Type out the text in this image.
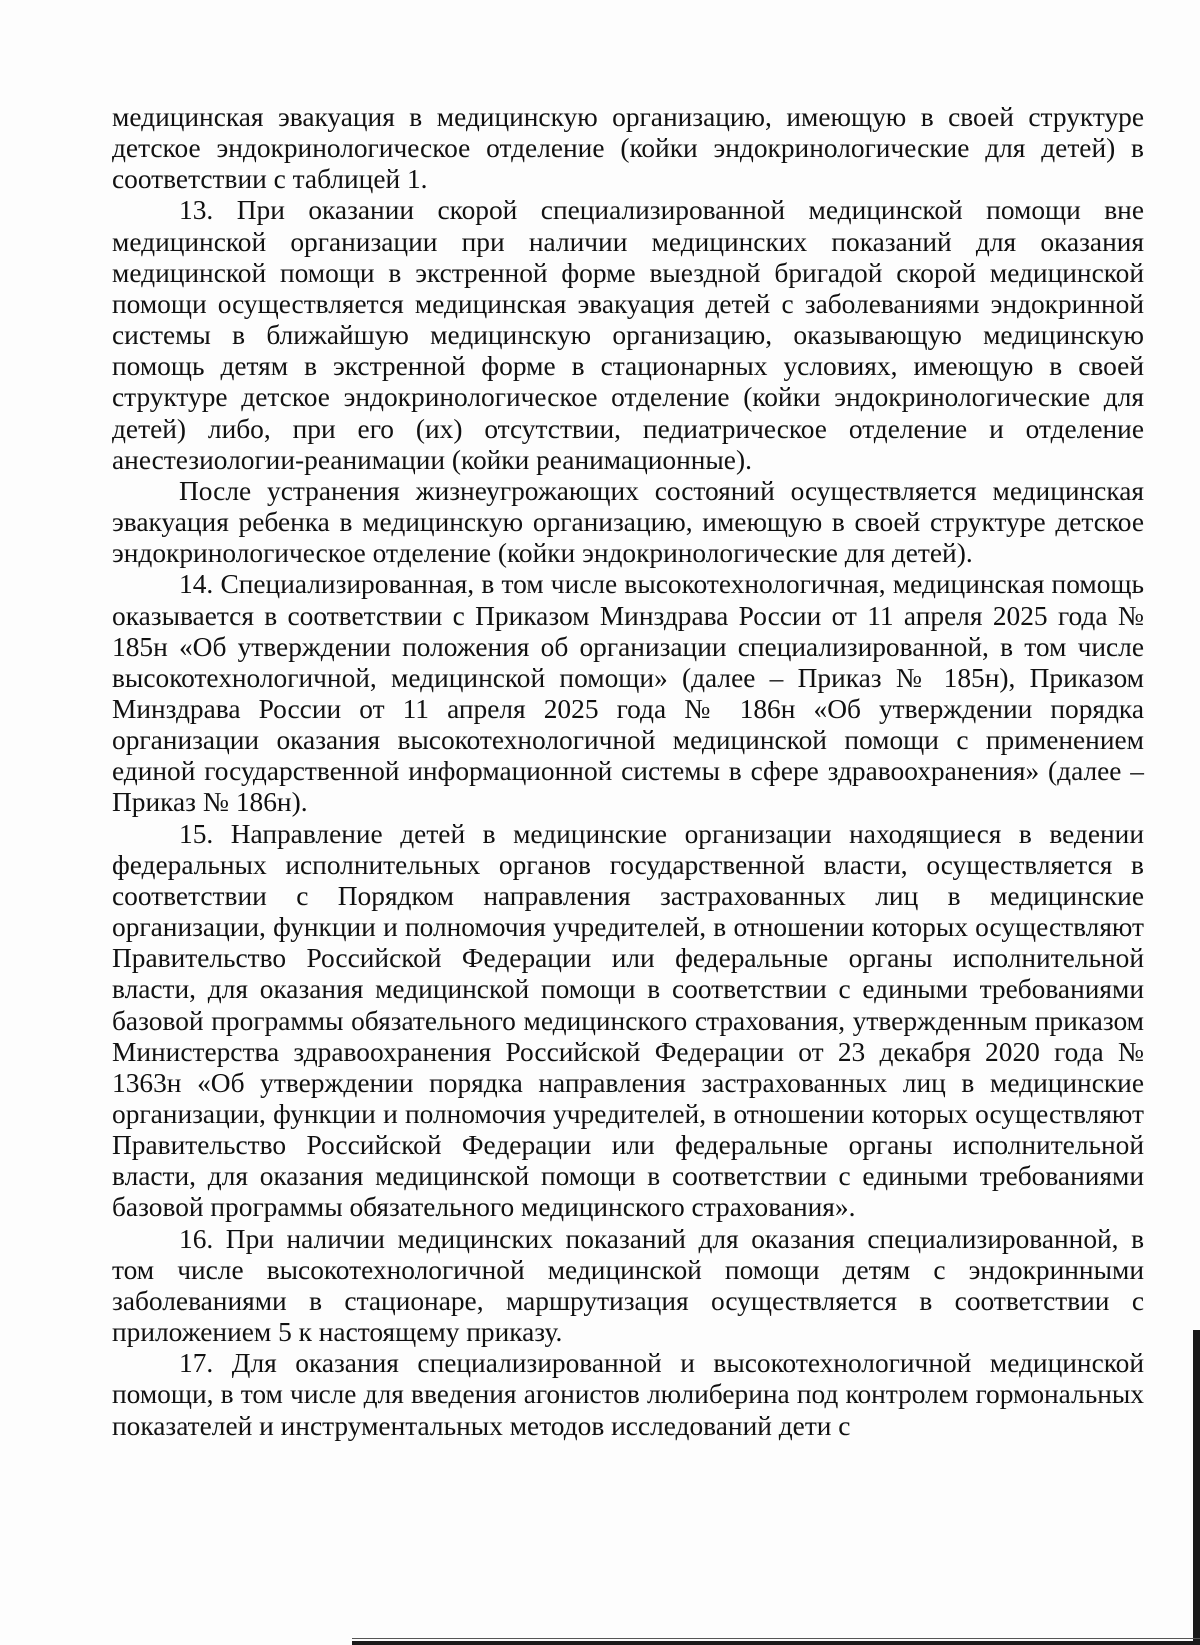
медицинская эвакуация в медицинскую организацию, имеющую в своей структуре детское эндокринологическое отделение (койки эндокринологические для детей) в соответствии с таблицей 1.

13. При оказании скорой специализированной медицинской помощи вне медицинской организации при наличии медицинских показаний для оказания медицинской помощи в экстренной форме выездной бригадой скорой медицинской помощи осуществляется медицинская эвакуация детей с заболеваниями эндокринной системы в ближайшую медицинскую организацию, оказывающую медицинскую помощь детям в экстренной форме в стационарных условиях, имеющую в своей структуре детское эндокринологическое отделение (койки эндокринологические для детей) либо, при его (их) отсутствии, педиатрическое отделение и отделение анестезиологии-реанимации (койки реанимационные).

После устранения жизнеугрожающих состояний осуществляется медицинская эвакуация ребенка в медицинскую организацию, имеющую в своей структуре детское эндокринологическое отделение (койки эндокринологические для детей).

14. Специализированная, в том числе высокотехнологичная, медицинская помощь оказывается в соответствии с Приказом Минздрава России от 11 апреля 2025 года № 185н «Об утверждении положения об организации специализированной, в том числе высокотехнологичной, медицинской помощи» (далее – Приказ № 185н), Приказом Минздрава России от 11 апреля 2025 года № 186н «Об утверждении порядка организации оказания высокотехнологичной медицинской помощи с применением единой государственной информационной системы в сфере здравоохранения» (далее – Приказ № 186н).

15. Направление детей в медицинские организации находящиеся в ведении федеральных исполнительных органов государственной власти, осуществляется в соответствии с Порядком направления застрахованных лиц в медицинские организации, функции и полномочия учредителей, в отношении которых осуществляют Правительство Российской Федерации или федеральные органы исполнительной власти, для оказания медицинской помощи в соответствии с едиными требованиями базовой программы обязательного медицинского страхования, утвержденным приказом Министерства здравоохранения Российской Федерации от 23 декабря 2020 года № 1363н «Об утверждении порядка направления застрахованных лиц в медицинские организации, функции и полномочия учредителей, в отношении которых осуществляют Правительство Российской Федерации или федеральные органы исполнительной власти, для оказания медицинской помощи в соответствии с едиными требованиями базовой программы обязательного медицинского страхования».

16. При наличии медицинских показаний для оказания специализированной, в том числе высокотехнологичной медицинской помощи детям с эндокринными заболеваниями в стационаре, маршрутизация осуществляется в соответствии с приложением 5 к настоящему приказу.

17. Для оказания специализированной и высокотехнологичной медицинской помощи, в том числе для введения агонистов люлиберина под контролем гормональных показателей и инструментальных методов исследований дети с
